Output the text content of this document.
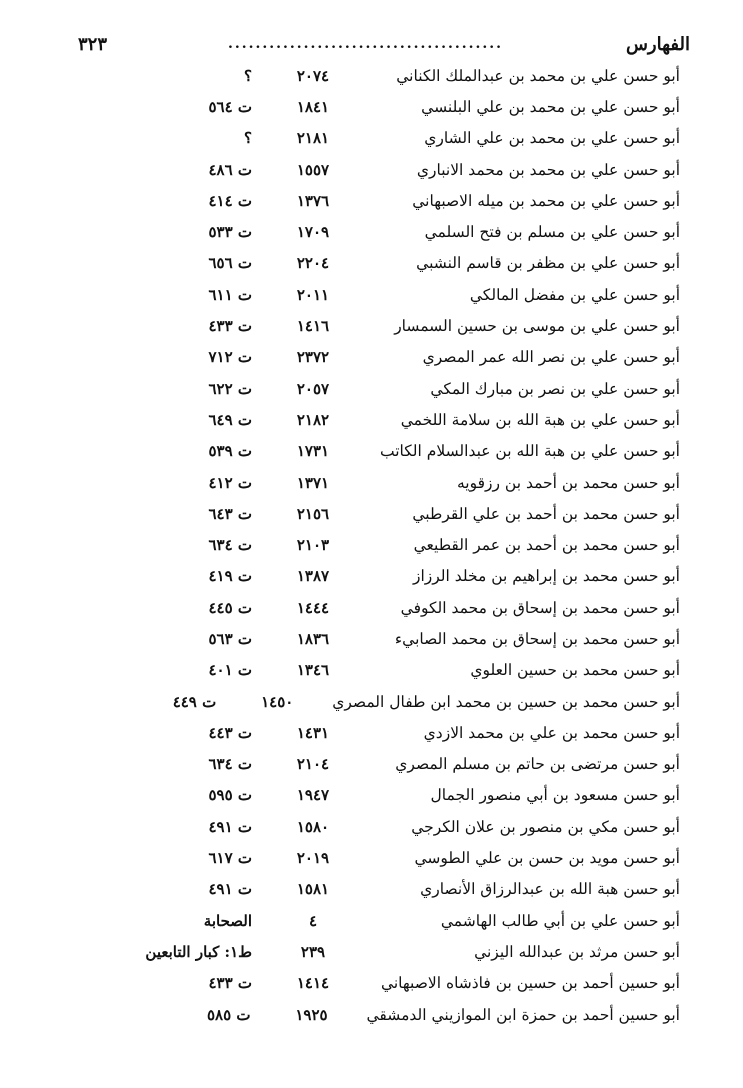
الفهارس
........................................
٣٢٣
أبو حسن علي بن محمد بن عبدالملك الكناني
٢٠٧٤
؟
أبو حسن علي بن محمد بن علي البلنسي
١٨٤١
ت ٥٦٤
أبو حسن علي بن محمد بن علي الشاري
٢١٨١
؟
أبو حسن علي بن محمد بن محمد الانباري
١٥٥٧
ت ٤٨٦
أبو حسن علي بن محمد بن ميله الاصبهاني
١٣٧٦
ت ٤١٤
أبو حسن علي بن مسلم بن فتح السلمي
١٧٠٩
ت ٥٣٣
أبو حسن علي بن مظفر بن قاسم النشبي
٢٢٠٤
ت ٦٥٦
أبو حسن علي بن مفضل المالكي
٢٠١١
ت ٦١١
أبو حسن علي بن موسى بن حسين السمسار
١٤١٦
ت ٤٣٣
أبو حسن علي بن نصر الله عمر المصري
٢٣٧٢
ت ٧١٢
أبو حسن علي بن نصر بن مبارك المكي
٢٠٥٧
ت ٦٢٢
أبو حسن علي بن هبة الله بن سلامة اللخمي
٢١٨٢
ت ٦٤٩
أبو حسن علي بن هبة الله بن عبدالسلام الكاتب
١٧٣١
ت ٥٣٩
أبو حسن محمد بن أحمد بن رزقويه
١٣٧١
ت ٤١٢
أبو حسن محمد بن أحمد بن علي القرطبي
٢١٥٦
ت ٦٤٣
أبو حسن محمد بن أحمد بن عمر القطيعي
٢١٠٣
ت ٦٣٤
أبو حسن محمد بن إبراهيم بن مخلد الرزاز
١٣٨٧
ت ٤١٩
أبو حسن محمد بن إسحاق بن محمد الكوفي
١٤٤٤
ت ٤٤٥
أبو حسن محمد بن إسحاق بن محمد الصابيء
١٨٣٦
ت ٥٦٣
أبو حسن محمد بن حسين العلوي
١٣٤٦
ت ٤٠١
أبو حسن محمد بن حسين بن محمد ابن طفال المصري
١٤٥٠
ت ٤٤٩
أبو حسن محمد بن علي بن محمد الازدي
١٤٣١
ت ٤٤٣
أبو حسن مرتضى بن حاتم بن مسلم المصري
٢١٠٤
ت ٦٣٤
أبو حسن مسعود بن أبي منصور الجمال
١٩٤٧
ت ٥٩٥
أبو حسن مكي بن منصور بن علان الكرجي
١٥٨٠
ت ٤٩١
أبو حسن مويد بن حسن بن علي الطوسي
٢٠١٩
ت ٦١٧
أبو حسن هبة الله بن عبدالرزاق الأنصاري
١٥٨١
ت ٤٩١
أبو حسن علي بن أبي طالب الهاشمي
٤
الصحابة
أبو حسن مرثد بن عبدالله اليزني
٢٣٩
ط١: كبار التابعين
أبو حسين أحمد بن حسين بن فاذشاه الاصبهاني
١٤١٤
ت ٤٣٣
أبو حسين أحمد بن حمزة ابن الموازيني الدمشقي
١٩٢٥
ت ٥٨٥
